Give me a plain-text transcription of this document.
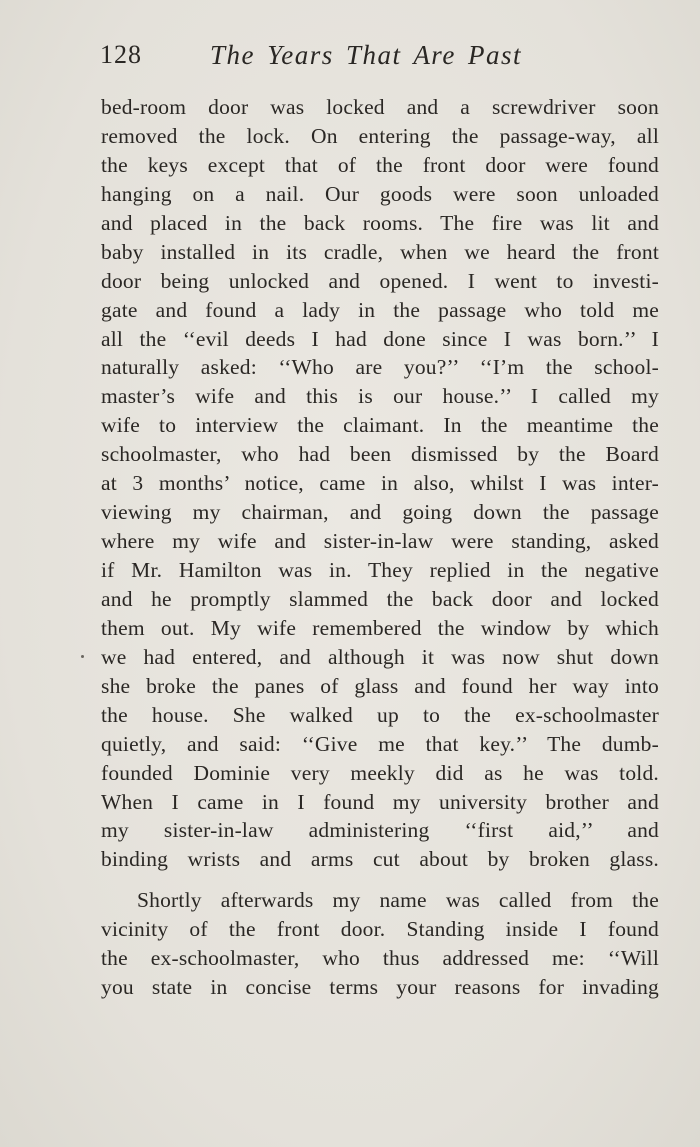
128	The Years That Are Past
bed-room door was locked and a screwdriver soon
removed the lock. On entering the passage-way, all
the keys except that of the front door were found
hanging on a nail. Our goods were soon unloaded
and placed in the back rooms. The fire was lit and
baby installed in its cradle, when we heard the front
door being unlocked and opened. I went to investi-
gate and found a lady in the passage who told me
all the ‘‘evil deeds I had done since I was born.’’ I
naturally asked: ‘‘Who are you?’’ ‘‘I’m the school-
master’s wife and this is our house.’’ I called my
wife to interview the claimant. In the meantime the
schoolmaster, who had been dismissed by the Board
at 3 months’ notice, came in also, whilst I was inter-
viewing my chairman, and going down the passage
where my wife and sister-in-law were standing, asked
if Mr. Hamilton was in. They replied in the negative
and he promptly slammed the back door and locked
them out. My wife remembered the window by which
we had entered, and although it was now shut down
she broke the panes of glass and found her way into
the house. She walked up to the ex-schoolmaster
quietly, and said: ‘‘Give me that key.’’ The dumb-
founded Dominie very meekly did as he was told.
When I came in I found my university brother and
my sister-in-law administering ‘‘first aid,’’ and
binding wrists and arms cut about by broken glass.
Shortly afterwards my name was called from the
vicinity of the front door. Standing inside I found
the ex-schoolmaster, who thus addressed me: ‘‘Will
you state in concise terms your reasons for invading
